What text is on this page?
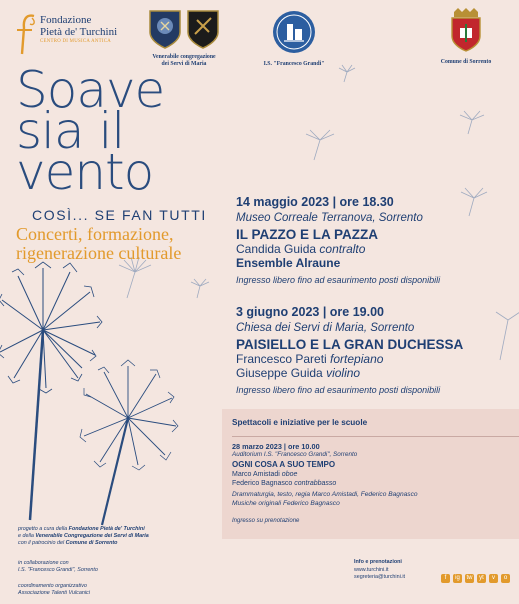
Fondazione
Pietà de' Turchini
CENTRO DI MUSICA ANTICA
Venerabile congregazione
dei Servi di Maria	I.S. "Francesco Grandi"	Comune di Sorrento
Soave
sia il
vento
COSÌ... SE FAN TUTTI
Concerti, formazione,
rigenerazione culturale
14 maggio 2023 | ore 18.30
Museo Correale Terranova, Sorrento
IL PAZZO E LA PAZZA
Candida Guida contralto
Ensemble Alraune
Ingresso libero fino ad esaurimento posti disponibili
3 giugno 2023 | ore 19.00
Chiesa dei Servi di Maria, Sorrento
PAISIELLO E LA GRAN DUCHESSA
Francesco Pareti fortepiano
Giuseppe Guida violino
Ingresso libero fino ad esaurimento posti disponibili
Spettacoli e iniziative per le scuole
28 marzo 2023 | ore 10.00
Auditorium I.S. "Francesco Grandi", Sorrento
OGNI COSA A SUO TEMPO
Marco Amistadi oboe
Federico Bagnasco contrabbasso
Drammaturgia, testo, regia Marco Amistadi, Federico Bagnasco
Musiche originali Federico Bagnasco
Ingresso su prenotazione
progetto a cura della Fondazione Pietà de' Turchini
e della Venerabile Congregazione dei Servi di Maria
con il patrocinio del Comune di Sorrento
in collaborazione con
I.S. "Francesco Grandi", Sorrento
coordinamento organizzativo
Associazione Talenti Vulcanici
Info e prenotazioni
www.turchini.it
segreteria@turchini.it	f	ig	tw	yt	v	o
